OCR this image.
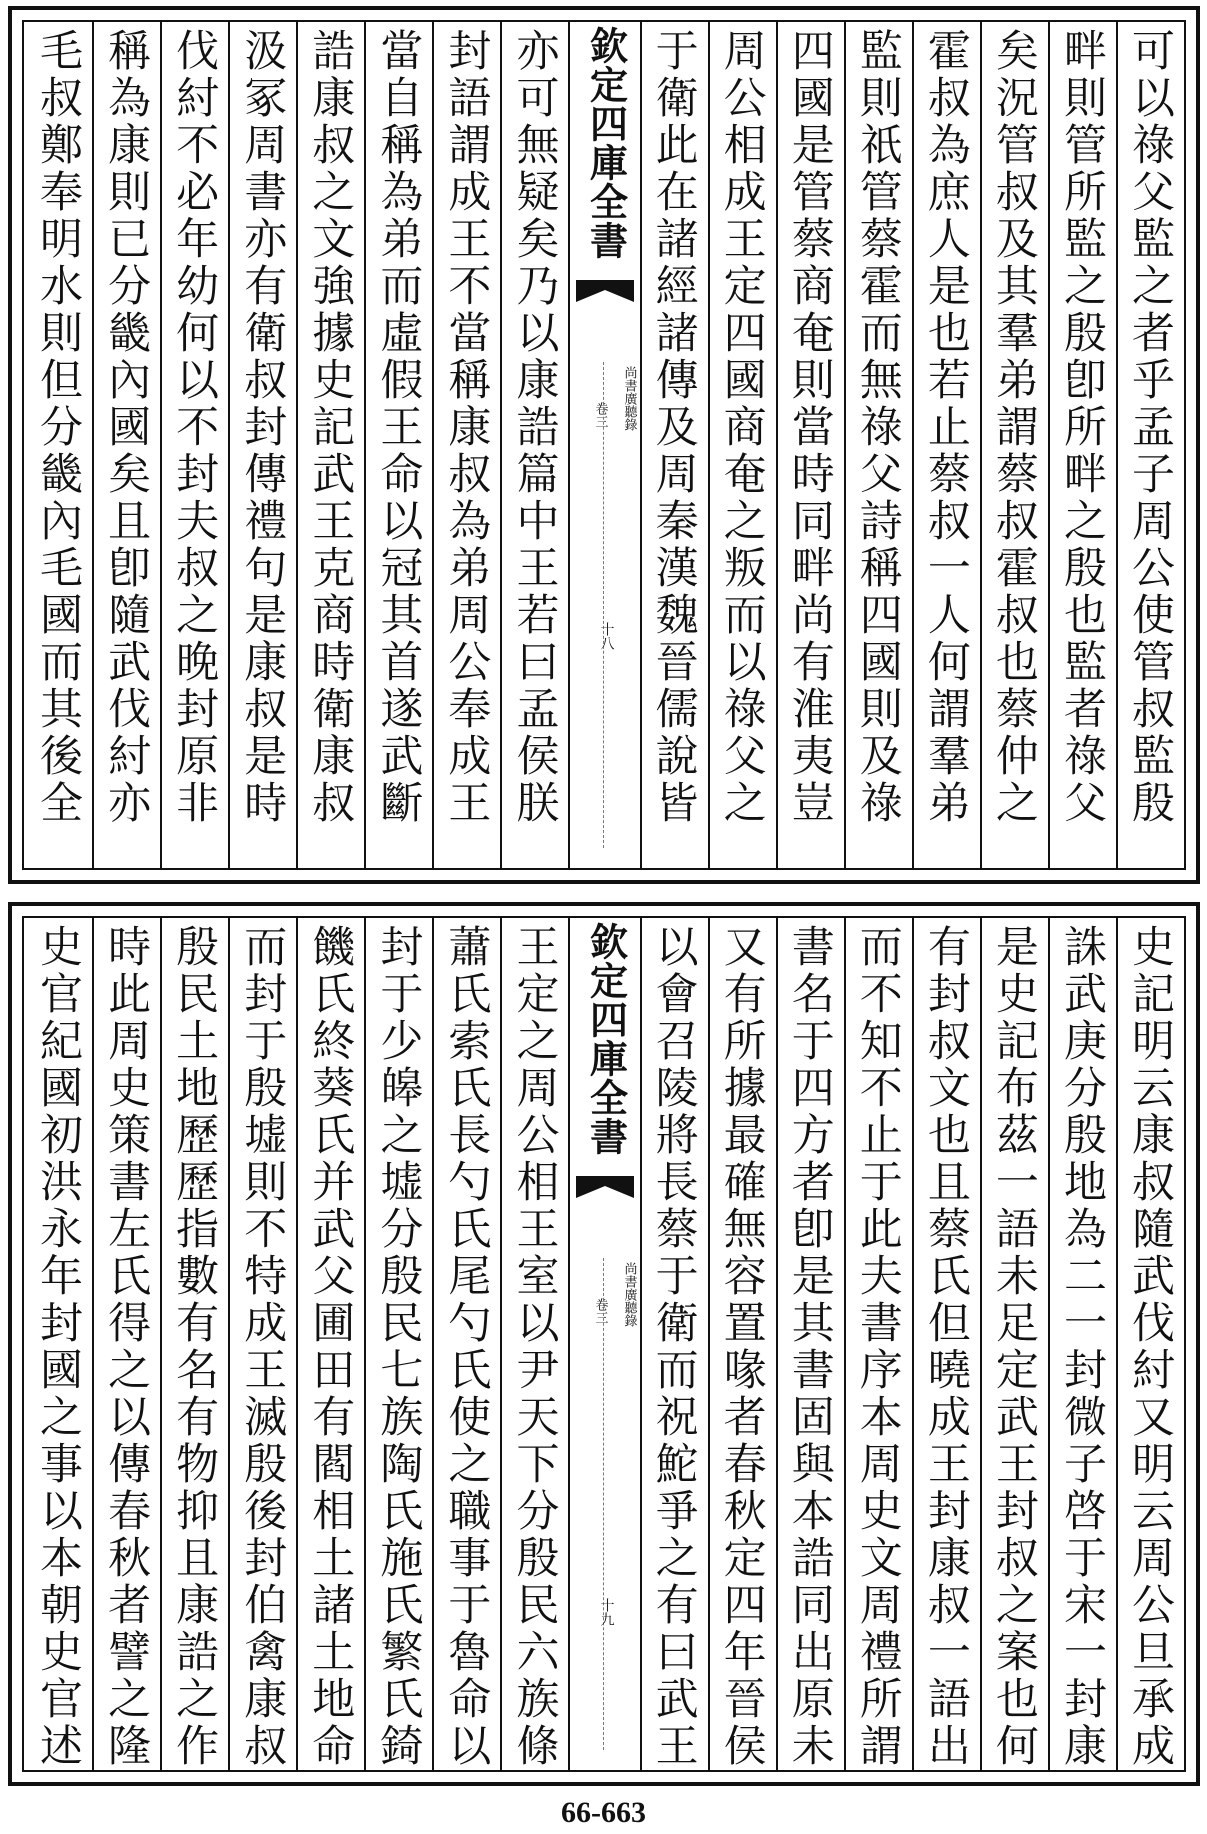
可以祿父監之者乎孟子周公使管叔監殷
畔則管所監之殷卽所畔之殷也監者祿父
矣況管叔及其羣弟謂蔡叔霍叔也蔡仲之
霍叔為庶人是也若止蔡叔一人何謂羣弟
監則祇管蔡霍而無祿父詩稱四國則及祿
四國是管蔡商奄則當時同畔尚有淮夷豈
周公相成王定四國商奄之叛而以祿父之
于衛此在諸經諸傳及周秦漢魏晉儒說皆
欽定四庫全書
尚書廣聽錄
卷三
十八
亦可無疑矣乃以康誥篇中王若曰孟侯朕
封語謂成王不當稱康叔為弟周公奉成王
當自稱為弟而虛假王命以冠其首遂武斷
誥康叔之文強據史記武王克商時衛康叔
汲冢周書亦有衛叔封傳禮句是康叔是時
伐紂不必年幼何以不封夫叔之晚封原非
稱為康則已分畿內國矣且卽隨武伐紂亦
毛叔鄭奉明水則但分畿內毛國而其後全
史記明云康叔隨武伐紂又明云周公旦承成
誅武庚分殷地為二一封微子啓于宋一封康
是史記布茲一語未足定武王封叔之案也何
有封叔文也且蔡氏但曉成王封康叔一語出
而不知不止于此夫書序本周史文周禮所謂
書名于四方者卽是其書固與本誥同出原未
又有所據最確無容置喙者春秋定四年晉侯
以會召陵將長蔡于衛而祝鮀爭之有曰武王
欽定四庫全書
尚書廣聽錄
卷三
十九
王定之周公相王室以尹天下分殷民六族條
蕭氏索氏長勺氏尾勺氏使之職事于魯命以
封于少皞之墟分殷民七族陶氏施氏繁氏錡
饑氏終葵氏并武父圃田有閻相土諸土地命
而封于殷墟則不特成王滅殷後封伯禽康叔
殷民土地歷歷指數有名有物抑且康誥之作
時此周史策書左氏得之以傳春秋者譬之隆
史官紀國初洪永年封國之事以本朝史官述
66-663
